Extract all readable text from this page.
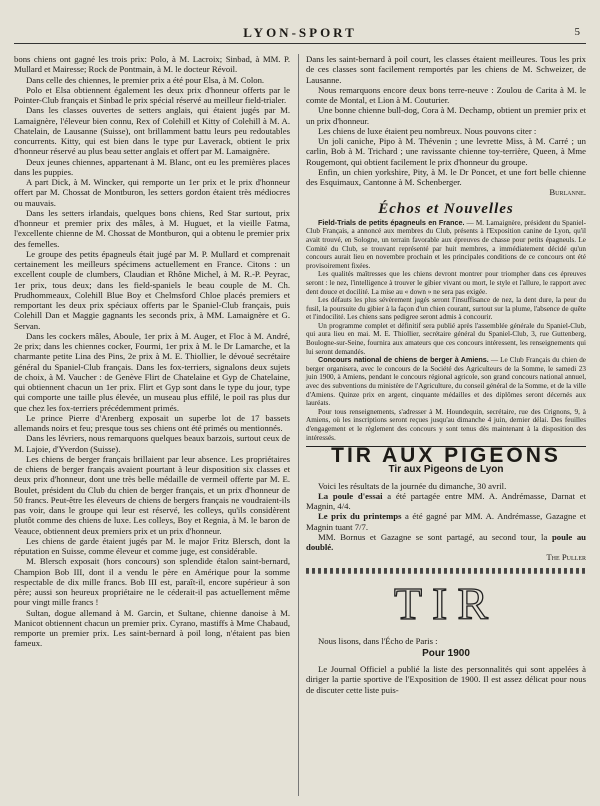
LYON-SPORT	5

bons chiens ont gagné les trois prix: Polo, à M. Lacroix; Sinbad, à MM. P. Mullard et Mairesse; Rock de Pontmain, à M. le docteur Révoil.

Dans celle des chiennes, le premier prix a été pour Elsa, à M. Colon.

Polo et Elsa obtiennent également les deux prix d'honneur offerts par le Pointer-Club français et Sinbad le prix spécial réservé au meilleur field-trialer.

Dans les classes ouvertes de setters anglais, qui étaient jugés par M. Lamaignère, l'éleveur bien connu, Rex of Colehill et Kitty of Colehill à M. A. Chatelain, de Lausanne (Suisse), ont brillamment battu leurs peu redoutables concurrents. Kitty, qui est bien dans le type pur Laverack, obtient le prix d'honneur réservé au plus beau setter anglais et offert par M. Lamaignère.

Deux jeunes chiennes, appartenant à M. Blanc, ont eu les premières places dans les puppies.

A part Dick, à M. Wincker, qui remporte un 1er prix et le prix d'honneur offert par M. Chossat de Montburon, les setters gordon étaient très médiocres ou mauvais.

Dans les setters irlandais, quelques bons chiens, Red Star surtout, prix d'honneur et premier prix des mâles, à M. Huguet, et la vieille Fatma, l'excellente chienne de M. Chossat de Montburon, qui a obtenu le premier prix des femelles.

Le groupe des petits épagneuls était jugé par M. P. Mullard et comprenait certainement les meilleurs spécimens actuellement en France. Citons : un excellent couple de clumbers, Claudian et Rhône Michel, à M. R.-P. Peyrac, 1er prix, tous deux; dans les field-spaniels le beau couple de M. Ch. Prudhommeaux, Colehill Blue Boy et Chelmsford Chloe placés premiers et remportant les deux prix spéciaux offerts par le Spaniel-Club français, puis Colehill Dan et Maggie gagnants les seconds prix, à MM. Lamaignère et G. Servan.

Dans les cockers mâles, Aboule, 1er prix à M. Auger, et Floc à M. André, 2e prix; dans les chiennes cocker, Fourmi, 1er prix à M. le Dr Lamarche, et la charmante petite Lina des Pins, 2e prix à M. E. Thiollier, le dévoué secrétaire général du Spaniel-Club français. Dans les fox-terriers, signalons deux sujets de choix, à M. Vaucher : de Genève Flirt de Chatelaine et Gyp de Chatelaine, qui obtiennent chacun un 1er prix. Flirt et Gyp sont dans le type du jour, type qui comporte une taille plus élevée, un museau plus effilé, le poil ras plus dur que chez les fox-terriers précédemment primés.

Le prince Pierre d'Arenberg exposait un superbe lot de 17 bassets allemands noirs et feu; presque tous ses chiens ont été primés ou mentionnés.

Dans les lévriers, nous remarquons quelques beaux barzois, surtout ceux de M. Lajoie, d'Yverdon (Suisse).

Les chiens de berger français brillaient par leur absence. Les propriétaires de chiens de berger français avaient pourtant à leur disposition six classes et deux prix d'honneur, dont une très belle médaille de vermeil offerte par M. E. Boulet, président du Club du chien de berger français, et un prix d'honneur de 50 francs. Peut-être les éleveurs de chiens de bergers français ne voudraient-ils pas voir, dans le groupe qui leur est réservé, les colleys, qu'ils considèrent plutôt comme des chiens de luxe. Les colleys, Boy et Regnia, à M. le baron de Veauce, obtiennent deux premiers prix et un prix d'honneur.

Les chiens de garde étaient jugés par M. le major Fritz Blersch, dont la réputation en Suisse, comme éleveur et comme juge, est considérable.

M. Blersch exposait (hors concours) son splendide étalon saint-bernard, Champion Bob III, dont il a vendu le père en Amérique pour la somme respectable de dix mille francs. Bob III est, paraît-il, encore supérieur à son père; aussi son heureux propriétaire ne le céderait-il pas actuellement même pour vingt mille francs !

Sultan, dogue allemand à M. Garcin, et Sultane, chienne danoise à M. Manicot obtiennent chacun un premier prix. Cyrano, mastiffs à Mme Chabaud, remporte un premier prix. Les saint-bernard à poil long, n'étaient pas bien fameux.

Dans les saint-bernard à poil court, les classes étaient meilleures. Tous les prix de ces classes sont facilement remportés par les chiens de M. Schweizer, de Lausanne.

Nous remarquons encore deux bons terre-neuve : Zoulou de Carita à M. le comte de Montal, et Lion à M. Couturier.

Une bonne chienne bull-dog, Cora à M. Dechamp, obtient un premier prix et un prix d'honneur.

Les chiens de luxe étaient peu nombreux. Nous pouvons citer :

Un joli caniche, Pipo à M. Thévenin ; une levrette Miss, à M. Carré ; un carlin, Bob à M. Trichard ; une ravissante chienne toy-terrière, Queen, à Mme Rougemont, qui obtient facilement le prix d'honneur du groupe.

Enfin, un chien yorkshire, Pity, à M. le Dr Poncet, et une fort belle chienne des Esquimaux, Cantonne à M. Schenberger.

Burlanne.

Échos et Nouvelles

Field-Trials de petits épagneuls en France. — M. Lamaignère, président du Spaniel-Club Français, a annoncé aux membres du Club, présents à l'Exposition canine de Lyon, qu'il avait trouvé, en Sologne, un terrain favorable aux épreuves de chasse pour petits épagneuls. Le Comité du Club, se trouvant représenté par huit membres, a immédiatement décidé qu'un concours aurait lieu en novembre prochain et les principales conditions de ce concours ont été provisoirement fixées.

Les qualités maîtresses que les chiens devront montrer pour triompher dans ces épreuves seront : le nez, l'intelligence à trouver le gibier vivant ou mort, le style et l'allure, le rapport avec dent douce et docilité. La mise au « down » ne sera pas exigée.

Les défauts les plus sévèrement jugés seront l'insuffisance de nez, la dent dure, la peur du fusil, la poursuite du gibier à la façon d'un chien courant, surtout sur la plume, l'absence de quête et l'indocilité. Les chiens sans pedigree seront admis à concourir.

Un programme complet et définitif sera publié après l'assemblée générale du Spaniel-Club, qui aura lieu en mai. M. E. Thiollier, secrétaire général du Spaniel-Club, 3, rue Guttenberg, Boulogne-sur-Seine, fournira aux amateurs que ces concours intéressent, les renseignements qui lui seront demandés.

Concours national de chiens de berger à Amiens. — Le Club Français du chien de berger organisera, avec le concours de la Société des Agriculteurs de la Somme, le samedi 23 juin 1900, à Amiens, pendant le concours régional agricole, son grand concours national annuel, avec des subventions du ministère de l'Agriculture, du conseil général de la Somme, et de la ville d'Amiens. Quinze prix en argent, cinquante médailles et des diplômes seront décernés aux lauréats.

Pour tous renseignements, s'adresser à M. Houndequin, secrétaire, rue des Crignons, 9, à Amiens, où les inscriptions seront reçues jusqu'au dimanche 4 juin, dernier délai. Des feuilles d'engagement et le règlement des concours y sont tenus dès maintenant à la disposition des intéressés.

TIR AUX PIGEONS
Tir aux Pigeons de Lyon

Voici les résultats de la journée du dimanche, 30 avril.

La poule d'essai a été partagée entre MM. A. Andrémasse, Darnat et Magnin, 4/4.

Le prix du printemps a été gagné par MM. A. Andrémasse, Gazagne et Magnin tuant 7/7.

MM. Bornus et Gazagne se sont partagé, au second tour, la poule au doublé.

The Puller

TIR

Nous lisons, dans l'Écho de Paris :

Pour 1900

Le Journal Officiel a publié la liste des personnalités qui sont appelées à diriger la partie sportive de l'Exposition de 1900. Il est assez délicat pour nous de discuter cette liste puis-
